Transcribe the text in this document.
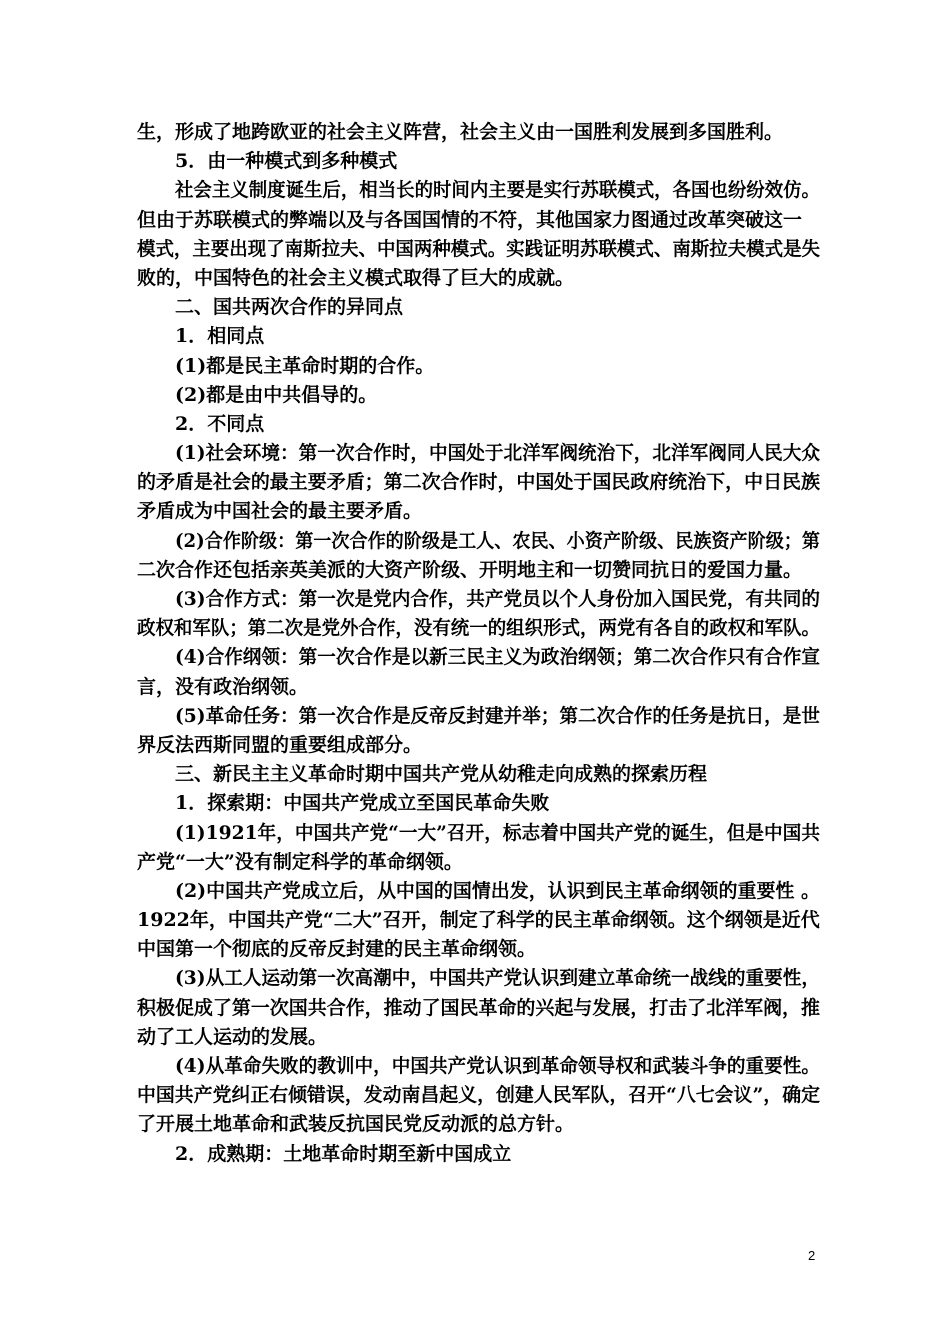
生，形成了地跨欧亚的社会主义阵营，社会主义由一国胜利发展到多国胜利。
5．由一种模式到多种模式
社会主义制度诞生后，相当长的时间内主要是实行苏联模式，各国也纷纷效仿。
但由于苏联模式的弊端以及与各国国情的不符，其他国家力图通过改革突破这一
模式，主要出现了南斯拉夫、中国两种模式。实践证明苏联模式、南斯拉夫模式是失
败的，中国特色的社会主义模式取得了巨大的成就。
二、国共两次合作的异同点
1．相同点
(1)都是民主革命时期的合作。
(2)都是由中共倡导的。
2．不同点
(1)社会环境：第一次合作时，中国处于北洋军阀统治下，北洋军阀同人民大众
的矛盾是社会的最主要矛盾；第二次合作时，中国处于国民政府统治下，中日民族
矛盾成为中国社会的最主要矛盾。
(2)合作阶级：第一次合作的阶级是工人、农民、小资产阶级、民族资产阶级；第
二次合作还包括亲英美派的大资产阶级、开明地主和一切赞同抗日的爱国力量。
(3)合作方式：第一次是党内合作，共产党员以个人身份加入国民党，有共同的
政权和军队；第二次是党外合作，没有统一的组织形式，两党有各自的政权和军队。
(4)合作纲领：第一次合作是以新三民主义为政治纲领；第二次合作只有合作宣
言，没有政治纲领。
(5)革命任务：第一次合作是反帝反封建并举；第二次合作的任务是抗日，是世
界反法西斯同盟的重要组成部分。
三、新民主主义革命时期中国共产党从幼稚走向成熟的探索历程
1．探索期：中国共产党成立至国民革命失败
(1)1921年，中国共产党“一大”召开，标志着中国共产党的诞生，但是中国共
产党“一大”没有制定科学的革命纲领。
(2)中国共产党成立后，从中国的国情出发，认识到民主革命纲领的重要性 。
1922年，中国共产党“二大”召开，制定了科学的民主革命纲领。这个纲领是近代
中国第一个彻底的反帝反封建的民主革命纲领。
(3)从工人运动第一次高潮中，中国共产党认识到建立革命统一战线的重要性，
积极促成了第一次国共合作，推动了国民革命的兴起与发展，打击了北洋军阀，推
动了工人运动的发展。
(4)从革命失败的教训中，中国共产党认识到革命领导权和武装斗争的重要性。
中国共产党纠正右倾错误，发动南昌起义，创建人民军队，召开“八七会议”，确定
了开展土地革命和武装反抗国民党反动派的总方针。
2．成熟期：土地革命时期至新中国成立
2
